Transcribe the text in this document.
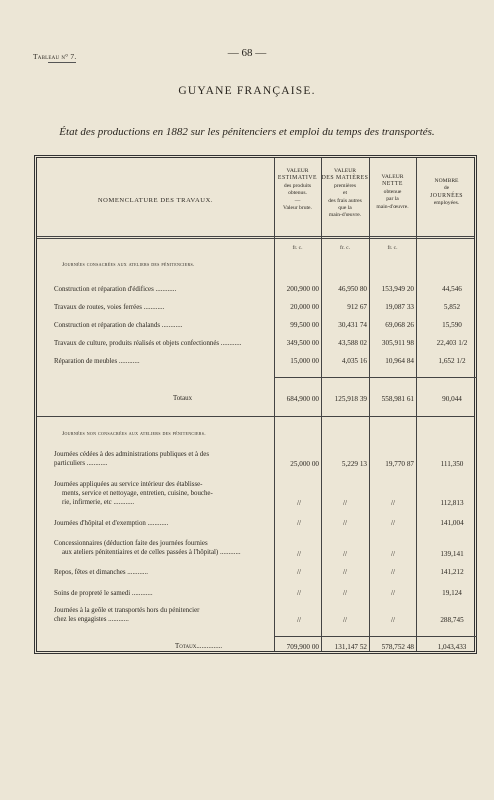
Tableau n° 7.	— 68 —
GUYANE FRANÇAISE.
État des productions en 1882 sur les pénitenciers et emploi du temps des transportés.
NOMENCLATURE DES TRAVAUX.
VALEUR
ESTIMATIVE
des produits
obtenus.
—
Valeur brute.
VALEUR
DES MATIÈRES
premières
et
des frais autres
que la
main-d'œuvre.
VALEUR
NETTE
obtenue
par la
main-d'œuvre.
NOMBRE
de
JOURNÉES
employées.
fr. c.	fr. c.	fr. c.
Journées consacrées aux ateliers des pénitenciers.
Construction et réparation d'édifices ............	200,900 00	46,950 80	153,949 20	44,546
Travaux de routes, voies ferrées ............	20,000 00	912 67	19,087 33	5,852
Construction et réparation de chalands ............	99,500 00	30,431 74	69,068 26	15,590
Travaux de culture, produits réalisés et objets confectionnés ............	349,500 00	43,588 02	305,911 98	22,403 1/2
Réparation de meubles ............	15,000 00	4,035 16	10,964 84	1,652 1/2
Totaux	684,900 00	125,918 39	558,981 61	90,044
Journées non consacrées aux ateliers des pénitenciers.
Journées cédées à des administrations publiques et à des
particuliers ............	25,000 00	5,229 13	19,770 87	111,350
Journées appliquées au service intérieur des établisse-
ments, service et nettoyage, entretien, cuisine, bouche-
rie, infirmerie, etc ............	//	//	//	112,813
Journées d'hôpital et d'exemption ............	//	//	//	141,004
Concessionnaires (déduction faite des journées fournies
aux ateliers pénitentiaires et de celles passées à l'hôpital) ............	//	//	//	139,141
Repos, fêtes et dimanches ............	//	//	//	141,212
Soins de propreté le samedi ............	//	//	//	19,124
Journées à la geôle et transportés hors du pénitencier
chez les engagistes ............	//	//	//	288,745
Totaux...............	709,900 00	131,147 52	578,752 48	1,043,433
